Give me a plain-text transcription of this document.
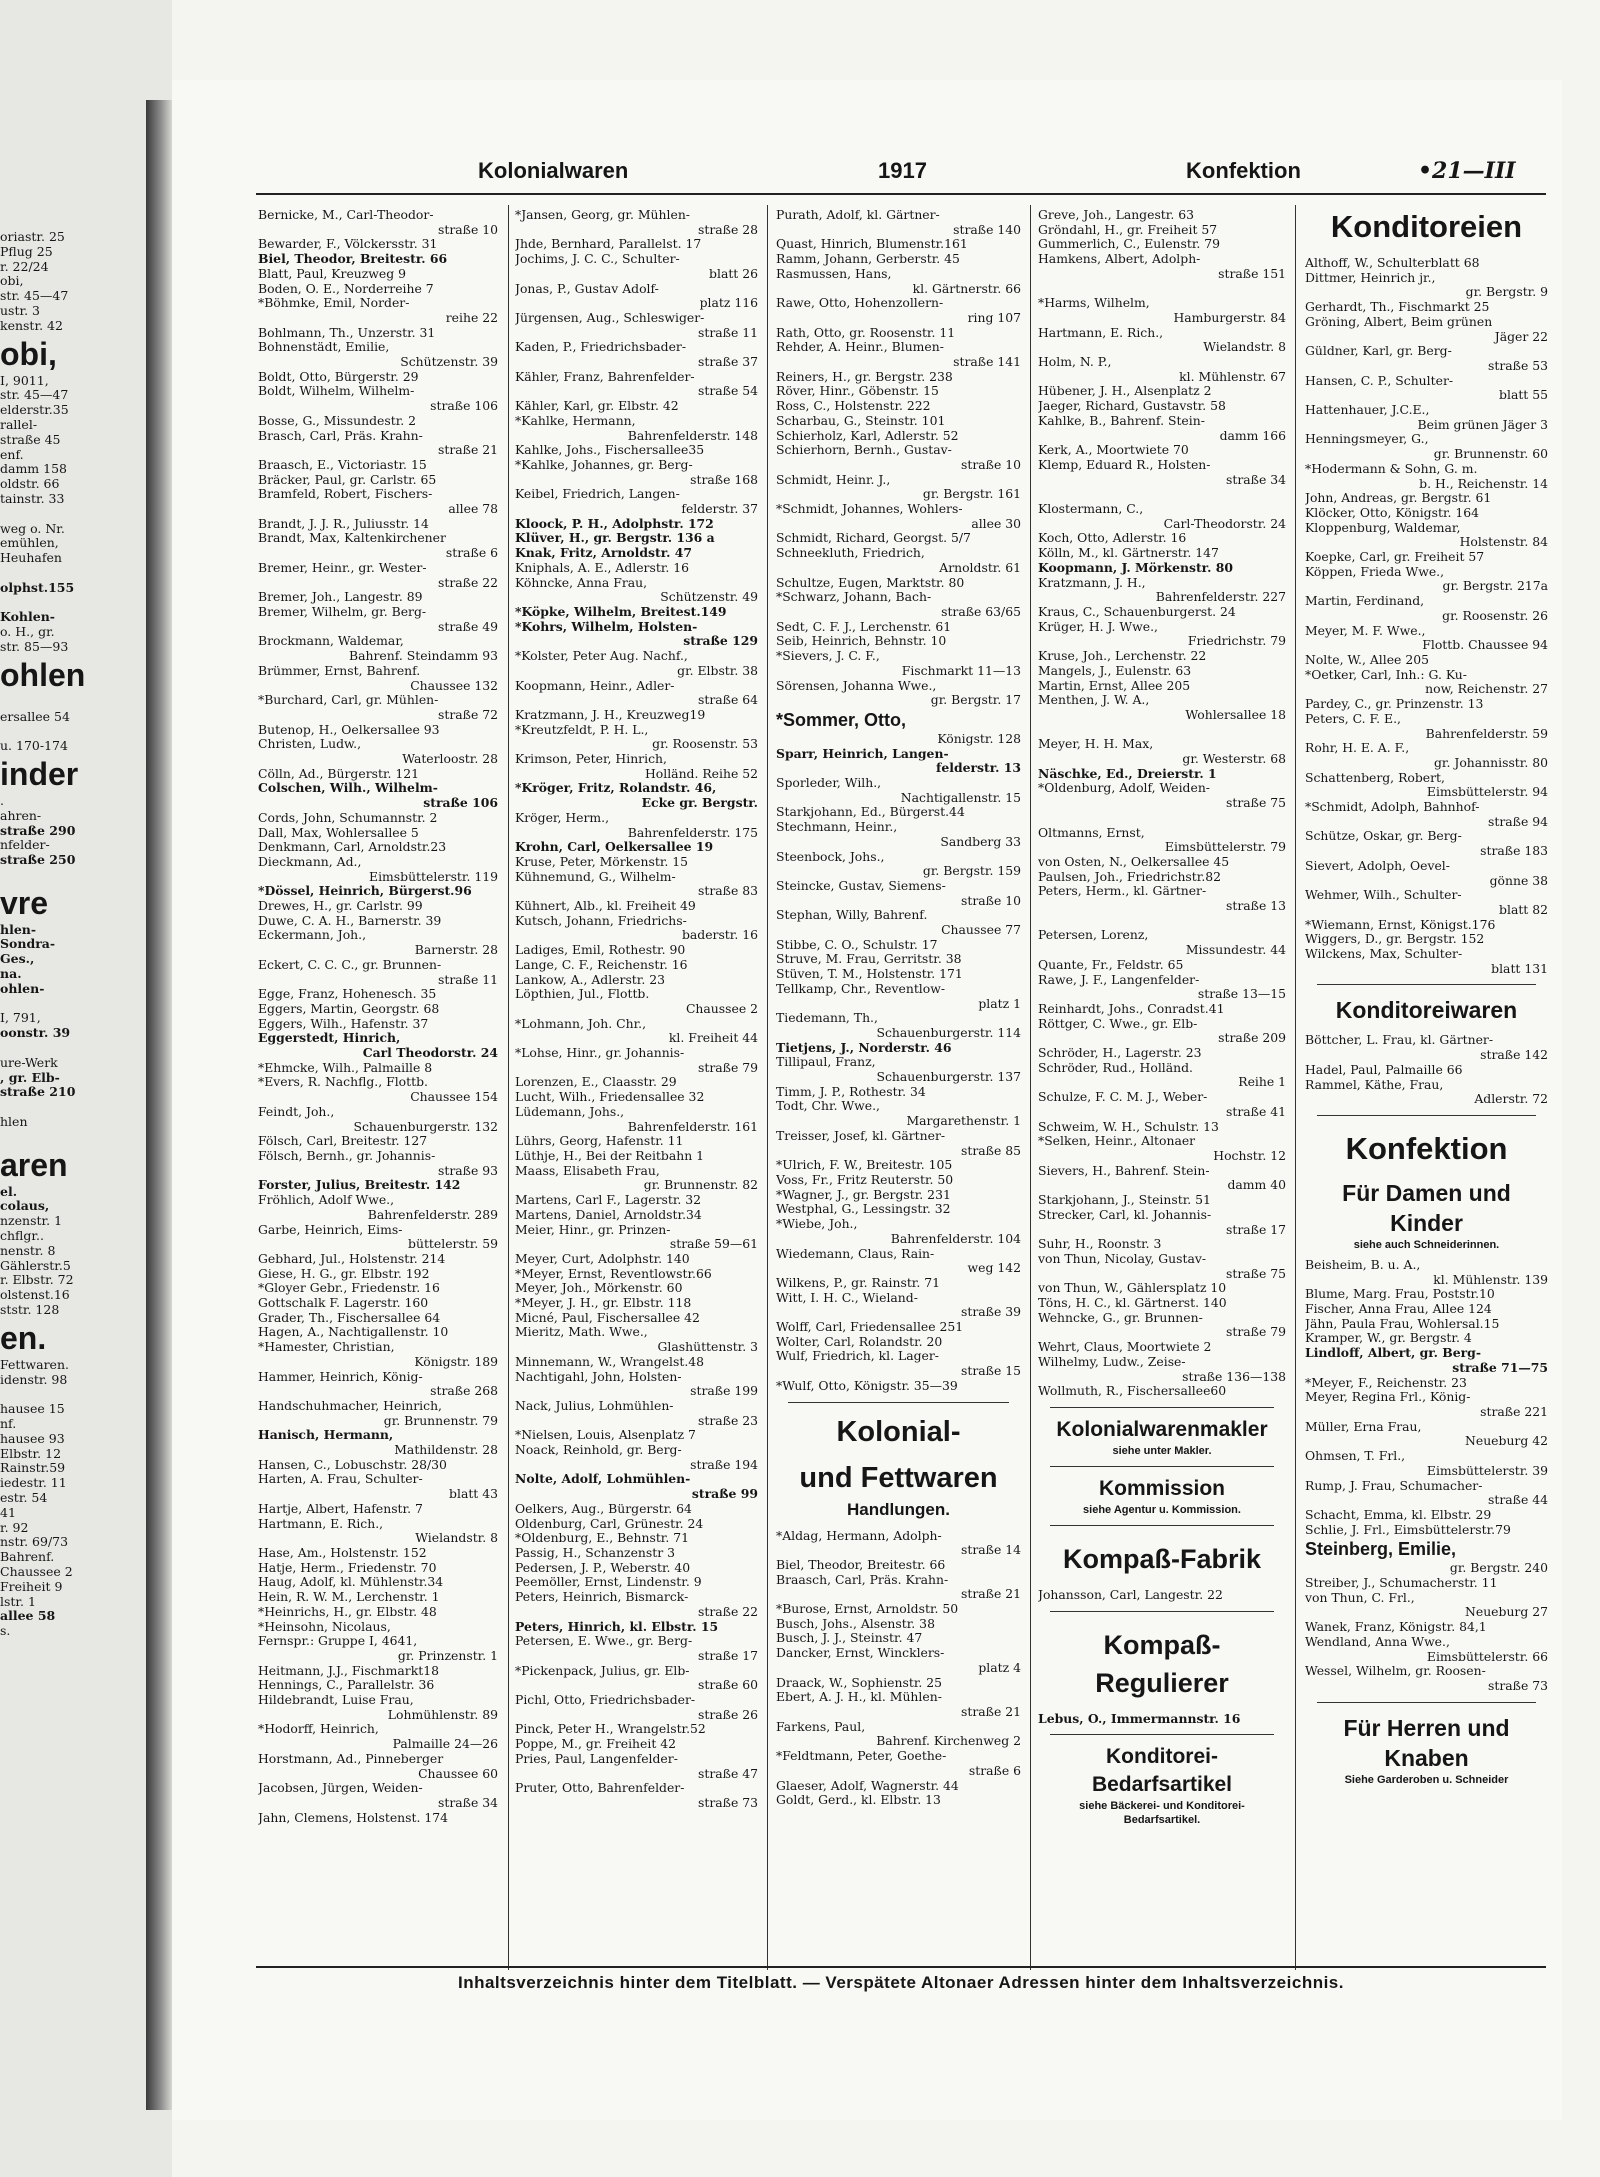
oriastr. 25
Pflug 25
r. 22/24
obi,
str. 45—47
ustr. 3
kenstr. 42
obi,
I, 9011,
str. 45—47
elderstr.35
rallel-
straße 45
enf.
damm 158
oldstr. 66
tainstr. 33

weg o. Nr.
emühlen,
Heuhafen

olphst.155

Kohlen-
o. H., gr.
str. 85—93
ohlen

ersallee 54

u. 170-174
inder
.
ahren-
straße 290
nfelder-
straße 250

vre
hlen-
Sondra-
Ges.,
na.
ohlen-

I, 791,
oonstr. 39

ure-Werk
, gr. Elb-
straße 210

hlen

aren
el.
colaus,
nzenstr. 1
chflgr..
nenstr. 8
Gählerstr.5
r. Elbstr. 72
olstenst.16
ststr. 128
en.
Fettwaren.
idenstr. 98

hausee 15
nf.
hausee 93
Elbstr. 12
Rainstr.59
iedestr. 11
estr. 54
41
r. 92
nstr. 69/73
Bahrenf.
Chaussee 2
Freiheit 9
lstr. 1
allee 58
s.
Kolonialwaren	1917	Konfektion	•21—III
Bernicke, M., Carl-Theodor-
straße 10
Bewarder, F., Völckersstr. 31
Biel, Theodor, Breitestr. 66
Blatt, Paul, Kreuzweg 9
Boden, O. E., Norderreihe 7
*Böhmke, Emil, Norder-
reihe 22
Bohlmann, Th., Unzerstr. 31
Bohnenstädt, Emilie,
Schützenstr. 39
Boldt, Otto, Bürgerstr. 29
Boldt, Wilhelm, Wilhelm-
straße 106
Bosse, G., Missundestr. 2
Brasch, Carl, Präs. Krahn-
straße 21
Braasch, E., Victoriastr. 15
Bräcker, Paul, gr. Carlstr. 65
Bramfeld, Robert, Fischers-
allee 78
Brandt, J. J. R., Juliusstr. 14
Brandt, Max, Kaltenkirchener
straße 6
Bremer, Heinr., gr. Wester-
straße 22
Bremer, Joh., Langestr. 89
Bremer, Wilhelm, gr. Berg-
straße 49
Brockmann, Waldemar,
Bahrenf. Steindamm 93
Brümmer, Ernst, Bahrenf.
Chaussee 132
*Burchard, Carl, gr. Mühlen-
straße 72
Butenop, H., Oelkersallee 93
Christen, Ludw.,
Waterloostr. 28
Cölln, Ad., Bürgerstr. 121
Colschen, Wilh., Wilhelm-
straße 106
Cords, John, Schumannstr. 2
Dall, Max, Wohlersallee 5
Denkmann, Carl, Arnoldstr.23
Dieckmann, Ad.,
Eimsbüttelerstr. 119
*Dössel, Heinrich, Bürgerst.96
Drewes, H., gr. Carlstr. 99
Duwe, C. A. H., Barnerstr. 39
Eckermann, Joh.,
Barnerstr. 28
Eckert, C. C. C., gr. Brunnen-
straße 11
Egge, Franz, Hohenesch. 35
Eggers, Martin, Georgstr. 68
Eggers, Wilh., Hafenstr. 37
Eggerstedt, Hinrich,
Carl Theodorstr. 24
*Ehmcke, Wilh., Palmaille 8
*Evers, R. Nachflg., Flottb.
Chaussee 154
Feindt, Joh.,
Schauenburgerstr. 132
Fölsch, Carl, Breitestr. 127
Fölsch, Bernh., gr. Johannis-
straße 93
Forster, Julius, Breitestr. 142
Fröhlich, Adolf Wwe.,
Bahrenfelderstr. 289
Garbe, Heinrich, Eims-
büttelerstr. 59
Gebhard, Jul., Holstenstr. 214
Giese, H. G., gr. Elbstr. 192
*Gloyer Gebr., Friedenstr. 16
Gottschalk F. Lagerstr. 160
Grader, Th., Fischersallee 64
Hagen, A., Nachtigallenstr. 10
*Hamester, Christian,
Königstr. 189
Hammer, Heinrich, König-
straße 268
Handschuhmacher, Heinrich,
gr. Brunnenstr. 79
Hanisch, Hermann,
Mathildenstr. 28
Hansen, C., Lobuschstr. 28/30
Harten, A. Frau, Schulter-
blatt 43
Hartje, Albert, Hafenstr. 7
Hartmann, E. Rich.,
Wielandstr. 8
Hase, Am., Holstenstr. 152
Hatje, Herm., Friedenstr. 70
Haug, Adolf, kl. Mühlenstr.34
Hein, R. W. M., Lerchenstr. 1
*Heinrichs, H., gr. Elbstr. 48
*Heinsohn, Nicolaus,
Fernspr.: Gruppe I, 4641,
gr. Prinzenstr. 1
Heitmann, J.J., Fischmarkt18
Hennings, C., Parallelstr. 36
Hildebrandt, Luise Frau,
Lohmühlenstr. 89
*Hodorff, Heinrich,
Palmaille 24—26
Horstmann, Ad., Pinneberger
Chaussee 60
Jacobsen, Jürgen, Weiden-
straße 34
Jahn, Clemens, Holstenst. 174
*Jansen, Georg, gr. Mühlen-
straße 28
Jhde, Bernhard, Parallelst. 17
Jochims, J. C. C., Schulter-
blatt 26
Jonas, P., Gustav Adolf-
platz 116
Jürgensen, Aug., Schleswiger-
straße 11
Kaden, P., Friedrichsbader-
straße 37
Kähler, Franz, Bahrenfelder-
straße 54
Kähler, Karl, gr. Elbstr. 42
*Kahlke, Hermann,
Bahrenfelderstr. 148
Kahlke, Johs., Fischersallee35
*Kahlke, Johannes, gr. Berg-
straße 168
Keibel, Friedrich, Langen-
felderstr. 37
Kloock, P. H., Adolphstr. 172
Klüver, H., gr. Bergstr. 136 a
Knak, Fritz, Arnoldstr. 47
Kniphals, A. E., Adlerstr. 16
Köhncke, Anna Frau,
Schützenstr. 49
*Köpke, Wilhelm, Breitest.149
*Kohrs, Wilhelm, Holsten-
straße 129
*Kolster, Peter Aug. Nachf.,
gr. Elbstr. 38
Koopmann, Heinr., Adler-
straße 64
Kratzmann, J. H., Kreuzweg19
*Kreutzfeldt, P. H. L.,
gr. Roosenstr. 53
Krimson, Peter, Hinrich,
Holländ. Reihe 52
*Kröger, Fritz, Rolandstr. 46,
Ecke gr. Bergstr.
Kröger, Herm.,
Bahrenfelderstr. 175
Krohn, Carl, Oelkersallee 19
Kruse, Peter, Mörkenstr. 15
Kühnemund, G., Wilhelm-
straße 83
Kühnert, Alb., kl. Freiheit 49
Kutsch, Johann, Friedrichs-
baderstr. 16
Ladiges, Emil, Rothestr. 90
Lange, C. F., Reichenstr. 16
Lankow, A., Adlerstr. 23
Löpthien, Jul., Flottb.
Chaussee 2
*Lohmann, Joh. Chr.,
kl. Freiheit 44
*Lohse, Hinr., gr. Johannis-
straße 79
Lorenzen, E., Claasstr. 29
Lucht, Wilh., Friedensallee 32
Lüdemann, Johs.,
Bahrenfelderstr. 161
Lührs, Georg, Hafenstr. 11
Lüthje, H., Bei der Reitbahn 1
Maass, Elisabeth Frau,
gr. Brunnenstr. 82
Martens, Carl F., Lagerstr. 32
Martens, Daniel, Arnoldstr.34
Meier, Hinr., gr. Prinzen-
straße 59—61
Meyer, Curt, Adolphstr. 140
*Meyer, Ernst, Reventlowstr.66
Meyer, Joh., Mörkenstr. 60
*Meyer, J. H., gr. Elbstr. 118
Micné, Paul, Fischersallee 42
Mieritz, Math. Wwe.,
Glashüttenstr. 3
Minnemann, W., Wrangelst.48
Nachtigahl, John, Holsten-
straße 199
Nack, Julius, Lohmühlen-
straße 23
*Nielsen, Louis, Alsenplatz 7
Noack, Reinhold, gr. Berg-
straße 194
Nolte, Adolf, Lohmühlen-
straße 99
Oelkers, Aug., Bürgerstr. 64
Oldenburg, Carl, Grünestr. 24
*Oldenburg, E., Behnstr. 71
Passig, H., Schanzenstr 3
Pedersen, J. P., Weberstr. 40
Peemöller, Ernst, Lindenstr. 9
Peters, Heinrich, Bismarck-
straße 22
Peters, Hinrich, kl. Elbstr. 15
Petersen, E. Wwe., gr. Berg-
straße 17
*Pickenpack, Julius, gr. Elb-
straße 60
Pichl, Otto, Friedrichsbader-
straße 26
Pinck, Peter H., Wrangelstr.52
Poppe, M., gr. Freiheit 42
Pries, Paul, Langenfelder-
straße 47
Pruter, Otto, Bahrenfelder-
straße 73
Purath, Adolf, kl. Gärtner-
straße 140
Quast, Hinrich, Blumenstr.161
Ramm, Johann, Gerberstr. 45
Rasmussen, Hans,
kl. Gärtnerstr. 66
Rawe, Otto, Hohenzollern-
ring 107
Rath, Otto, gr. Roosenstr. 11
Rehder, A. Heinr., Blumen-
straße 141
Reiners, H., gr. Bergstr. 238
Röver, Hinr., Göbenstr. 15
Ross, C., Holstenstr. 222
Scharbau, G., Steinstr. 101
Schierholz, Karl, Adlerstr. 52
Schierhorn, Bernh., Gustav-
straße 10
Schmidt, Heinr. J.,
gr. Bergstr. 161
*Schmidt, Johannes, Wohlers-
allee 30
Schmidt, Richard, Georgst. 5/7
Schneekluth, Friedrich,
Arnoldstr. 61
Schultze, Eugen, Marktstr. 80
*Schwarz, Johann, Bach-
straße 63/65
Sedt, C. F. J., Lerchenstr. 61
Seib, Heinrich, Behnstr. 10
*Sievers, J. C. F.,
Fischmarkt 11—13
Sörensen, Johanna Wwe.,
gr. Bergstr. 17
*Sommer, Otto,
Königstr. 128
Sparr, Heinrich, Langen-
felderstr. 13
Sporleder, Wilh.,
Nachtigallenstr. 15
Starkjohann, Ed., Bürgerst.44
Stechmann, Heinr.,
Sandberg 33
Steenbock, Johs.,
gr. Bergstr. 159
Steincke, Gustav, Siemens-
straße 10
Stephan, Willy, Bahrenf.
Chaussee 77
Stibbe, C. O., Schulstr. 17
Struve, M. Frau, Gerritstr. 38
Stüven, T. M., Holstenstr. 171
Tellkamp, Chr., Reventlow-
platz 1
Tiedemann, Th.,
Schauenburgerstr. 114
Tietjens, J., Norderstr. 46
Tillipaul, Franz,
Schauenburgerstr. 137
Timm, J. P., Rothestr. 34
Todt, Chr. Wwe.,
Margarethenstr. 1
Treisser, Josef, kl. Gärtner-
straße 85
*Ulrich, F. W., Breitestr. 105
Voss, Fr., Fritz Reuterstr. 50
*Wagner, J., gr. Bergstr. 231
Westphal, G., Lessingstr. 32
*Wiebe, Joh.,
Bahrenfelderstr. 104
Wiedemann, Claus, Rain-
weg 142
Wilkens, P., gr. Rainstr. 71
Witt, I. H. C., Wieland-
straße 39
Wolff, Carl, Friedensallee 251
Wolter, Carl, Rolandstr. 20
Wulf, Friedrich, kl. Lager-
straße 15
*Wulf, Otto, Königstr. 35—39
Kolonial-
und Fettwaren
Handlungen.
*Aldag, Hermann, Adolph-
straße 14
Biel, Theodor, Breitestr. 66
Braasch, Carl, Präs. Krahn-
straße 21
*Burose, Ernst, Arnoldstr. 50
Busch, Johs., Alsenstr. 38
Busch, J. J., Steinstr. 47
Dancker, Ernst, Wincklers-
platz 4
Draack, W., Sophienstr. 25
Ebert, A. J. H., kl. Mühlen-
straße 21
Farkens, Paul,
Bahrenf. Kirchenweg 2
*Feldtmann, Peter, Goethe-
straße 6
Glaeser, Adolf, Wagnerstr. 44
Goldt, Gerd., kl. Elbstr. 13
Greve, Joh., Langestr. 63
Gröndahl, H., gr. Freiheit 57
Gummerlich, C., Eulenstr. 79
Hamkens, Albert, Adolph-
straße 151

*Harms, Wilhelm,
Hamburgerstr. 84
Hartmann, E. Rich.,
Wielandstr. 8
Holm, N. P.,
kl. Mühlenstr. 67
Hübener, J. H., Alsenplatz 2
Jaeger, Richard, Gustavstr. 58
Kahlke, B., Bahrenf. Stein-
damm 166
Kerk, A., Moortwiete 70
Klemp, Eduard R., Holsten-
straße 34

Klostermann, C.,
Carl-Theodorstr. 24
Koch, Otto, Adlerstr. 16
Kölln, M., kl. Gärtnerstr. 147
Koopmann, J. Mörkenstr. 80
Kratzmann, J. H.,
Bahrenfelderstr. 227
Kraus, C., Schauenburgerst. 24
Krüger, H. J. Wwe.,
Friedrichstr. 79
Kruse, Joh., Lerchenstr. 22
Mangels, J., Eulenstr. 63
Martin, Ernst, Allee 205
Menthen, J. W. A.,
Wohlersallee 18

Meyer, H. H. Max,
gr. Westerstr. 68
Näschke, Ed., Dreierstr. 1
*Oldenburg, Adolf, Weiden-
straße 75

Oltmanns, Ernst,
Eimsbüttelerstr. 79
von Osten, N., Oelkersallee 45
Paulsen, Joh., Friedrichstr.82
Peters, Herm., kl. Gärtner-
straße 13

Petersen, Lorenz,
Missundestr. 44
Quante, Fr., Feldstr. 65
Rawe, J. F., Langenfelder-
straße 13—15
Reinhardt, Johs., Conradst.41
Röttger, C. Wwe., gr. Elb-
straße 209
Schröder, H., Lagerstr. 23
Schröder, Rud., Holländ.
Reihe 1
Schulze, F. C. M. J., Weber-
straße 41
Schweim, W. H., Schulstr. 13
*Selken, Heinr., Altonaer
Hochstr. 12
Sievers, H., Bahrenf. Stein-
damm 40
Starkjohann, J., Steinstr. 51
Strecker, Carl, kl. Johannis-
straße 17
Suhr, H., Roonstr. 3
von Thun, Nicolay, Gustav-
straße 75
von Thun, W., Gählersplatz 10
Töns, H. C., kl. Gärtnerst. 140
Wehncke, G., gr. Brunnen-
straße 79
Wehrt, Claus, Moortwiete 2
Wilhelmy, Ludw., Zeise-
straße 136—138
Wollmuth, R., Fischersallee60
Kolonialwarenmakler
siehe unter Makler.
Kommission
siehe Agentur u. Kommission.
Kompaß-Fabrik
Johansson, Carl, Langestr. 22
Kompaß-Regulierer
Lebus, O., Immermannstr. 16
Konditorei-Bedarfsartikel
siehe Bäckerei- und Konditorei-
Bedarfsartikel.
Konditoreien
Althoff, W., Schulterblatt 68
Dittmer, Heinrich jr.,
gr. Bergstr. 9
Gerhardt, Th., Fischmarkt 25
Gröning, Albert, Beim grünen
Jäger 22
Güldner, Karl, gr. Berg-
straße 53
Hansen, C. P., Schulter-
blatt 55
Hattenhauer, J.C.E.,
Beim grünen Jäger 3
Henningsmeyer, G.,
gr. Brunnenstr. 60
*Hodermann & Sohn, G. m.
b. H., Reichenstr. 14
John, Andreas, gr. Bergstr. 61
Klöcker, Otto, Königstr. 164
Kloppenburg, Waldemar,
Holstenstr. 84
Koepke, Carl, gr. Freiheit 57
Köppen, Frieda Wwe.,
gr. Bergstr. 217a
Martin, Ferdinand,
gr. Roosenstr. 26
Meyer, M. F. Wwe.,
Flottb. Chaussee 94
Nolte, W., Allee 205
*Oetker, Carl, Inh.: G. Ku-
now, Reichenstr. 27
Pardey, C., gr. Prinzenstr. 13
Peters, C. F. E.,
Bahrenfelderstr. 59
Rohr, H. E. A. F.,
gr. Johannisstr. 80
Schattenberg, Robert,
Eimsbüttelerstr. 94
*Schmidt, Adolph, Bahnhof-
straße 94
Schütze, Oskar, gr. Berg-
straße 183
Sievert, Adolph, Oevel-
gönne 38
Wehmer, Wilh., Schulter-
blatt 82
*Wiemann, Ernst, Königst.176
Wiggers, D., gr. Bergstr. 152
Wilckens, Max, Schulter-
blatt 131
Konditoreiwaren
Böttcher, L. Frau, kl. Gärtner-
straße 142
Hadel, Paul, Palmaille 66
Rammel, Käthe, Frau,
Adlerstr. 72
Konfektion
Für Damen und Kinder
siehe auch Schneiderinnen.
Beisheim, B. u. A.,
kl. Mühlenstr. 139
Blume, Marg. Frau, Poststr.10
Fischer, Anna Frau, Allee 124
Jähn, Paula Frau, Wohlersal.15
Kramper, W., gr. Bergstr. 4
Lindloff, Albert, gr. Berg-
straße 71—75
*Meyer, F., Reichenstr. 23
Meyer, Regina Frl., König-
straße 221
Müller, Erna Frau,
Neueburg 42
Ohmsen, T. Frl.,
Eimsbüttelerstr. 39
Rump, J. Frau, Schumacher-
straße 44
Schacht, Emma, kl. Elbstr. 29
Schlie, J. Frl., Eimsbüttelerstr.79
Steinberg, Emilie,
gr. Bergstr. 240
Streiber, J., Schumacherstr. 11
von Thun, C. Frl.,
Neueburg 27
Wanek, Franz, Königstr. 84,1
Wendland, Anna Wwe.,
Eimsbüttelerstr. 66
Wessel, Wilhelm, gr. Roosen-
straße 73
Für Herren und Knaben
Siehe Garderoben u. Schneider
Inhaltsverzeichnis hinter dem Titelblatt. — Verspätete Altonaer Adressen hinter dem Inhaltsverzeichnis.
